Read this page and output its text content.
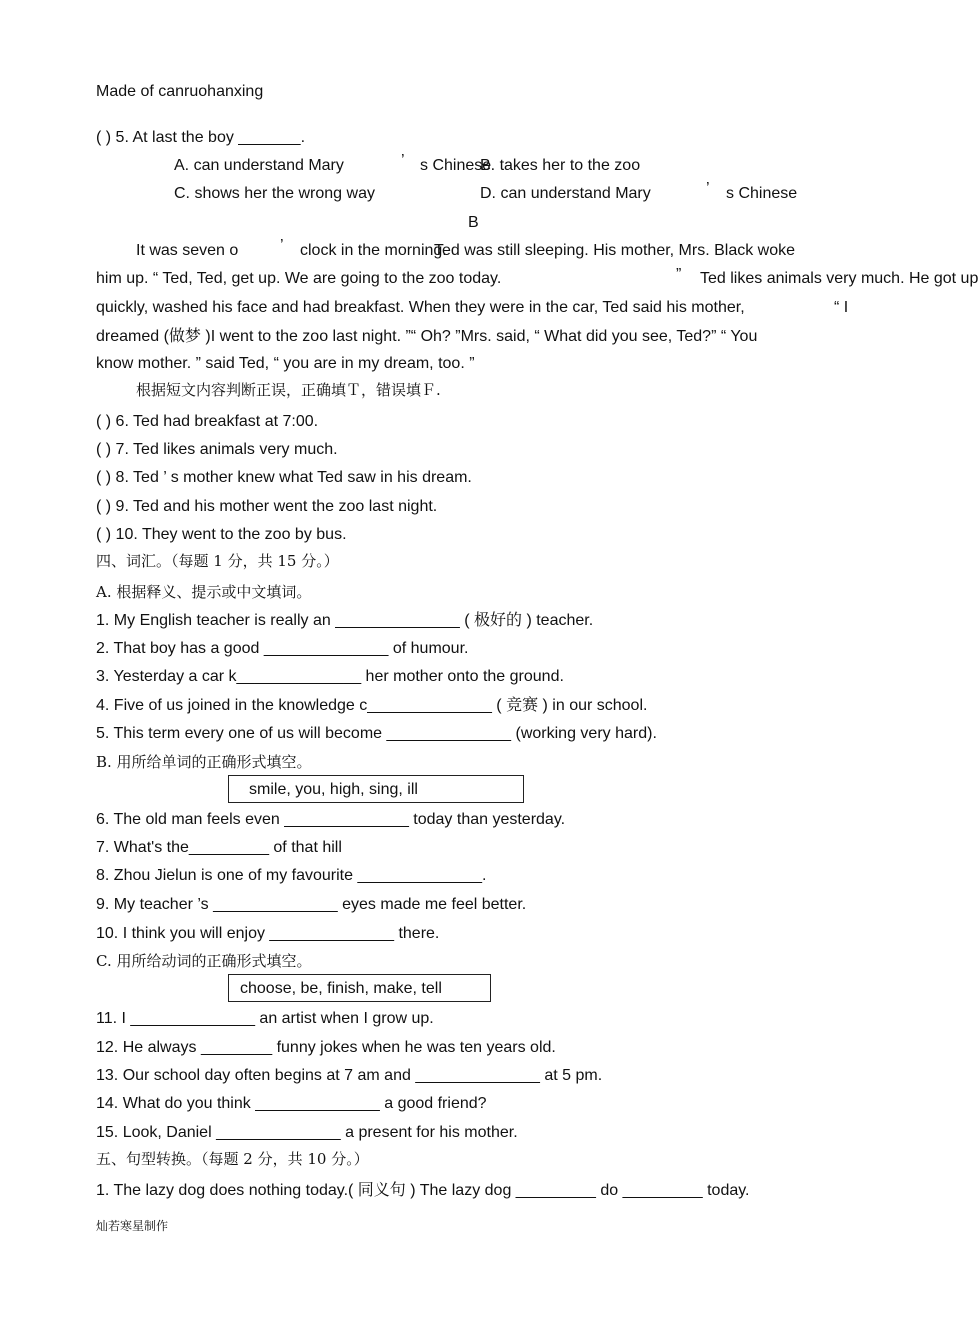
Made of canruohanxing
( ) 5. At last the boy _______.
A. can understand Mary	’ s Chinese
B. takes her to the zoo
C. shows her the wrong way	D. can understand Mary	’ s Chinese
B
It was seven o	’ clock in the morning.
Ted was still sleeping. His mother, Mrs. Black woke
him up. “ Ted, Ted, get up. We are going to the zoo today.	” Ted likes animals very much. He got up
quickly, washed his face and had breakfast. When they were in the car, Ted said his mother,	“ I
dreamed (做梦 )I went to the zoo last night. ”“ Oh? ”Mrs. said, “ What did you see, Ted?” “ You
know mother. ” said Ted, “ you are in my dream, too. ”
根据短文内容判断正误，正确填Ｔ，错误填Ｆ.
( ) 6. Ted had breakfast at 7:00.
( ) 7. Ted likes animals very much.
( ) 8. Ted ’ s mother knew what Ted saw in his dream.
( ) 9. Ted and his mother went the zoo last night.
( ) 10. They went to the zoo by bus.
四、词汇。（每题 1 分，共 15 分。）
A. 根据释义、提示或中文填词。
1. My English teacher is really an ______________ ( 极好的 ) teacher.
2. That boy has a good ______________ of humour.
3. Yesterday a car k______________ her mother onto the ground.
4. Five of us joined in the knowledge c______________ ( 竞赛 ) in our school.
5. This term every one of us will become ______________ (working very hard).
B. 用所给单词的正确形式填空。
smile, you, high, sing, ill
6. The old man feels even ______________ today than yesterday.
7. What's the_________ of that hill
8. Zhou Jielun is one of my favourite ______________.
9. My teacher ’s ______________ eyes made me feel better.
10. I think you will enjoy ______________ there.
C. 用所给动词的正确形式填空。
choose, be, finish, make, tell
11. I ______________ an artist when I grow up.
12. He always ________ funny jokes when he was ten years old.
13. Our school day often begins at 7 am and ______________ at 5 pm.
14. What do you think ______________ a good friend?
15. Look, Daniel ______________ a present for his mother.
五、句型转换。（每题 2 分，共 10 分。）
1. The lazy dog does nothing today.( 同义句 ) The lazy dog _________ do _________ today.
灿若寒星制作
